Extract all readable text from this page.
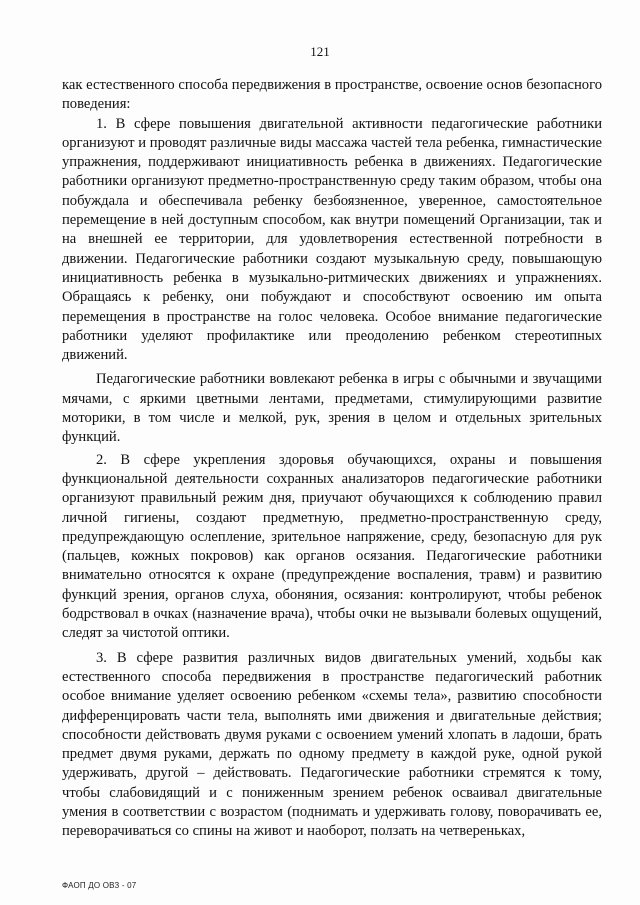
121

как естественного способа передвижения в пространстве, освоение основ безопасного поведения:

1. В сфере повышения двигательной активности педагогические работники организуют и проводят различные виды массажа частей тела ребенка, гимнастические упражнения, поддерживают инициативность ребенка в движениях. Педагогические работники организуют предметно-пространственную среду таким образом, чтобы она побуждала и обеспечивала ребенку безбоязненное, уверенное, самостоятельное перемещение в ней доступным способом, как внутри помещений Организации, так и на внешней ее территории, для удовлетворения естественной потребности в движении. Педагогические работники создают музыкальную среду, повышающую инициативность ребенка в музыкально-ритмических движениях и упражнениях. Обращаясь к ребенку, они побуждают и способствуют освоению им опыта перемещения в пространстве на голос человека. Особое внимание педагогические работники уделяют профилактике или преодолению ребенком стереотипных движений.

Педагогические работники вовлекают ребенка в игры с обычными и звучащими мячами, с яркими цветными лентами, предметами, стимулирующими развитие моторики, в том числе и мелкой, рук, зрения в целом и отдельных зрительных функций.

2. В сфере укрепления здоровья обучающихся, охраны и повышения функциональной деятельности сохранных анализаторов педагогические работники организуют правильный режим дня, приучают обучающихся к соблюдению правил личной гигиены, создают предметную, предметно-пространственную среду, предупреждающую ослепление, зрительное напряжение, среду, безопасную для рук (пальцев, кожных покровов) как органов осязания. Педагогические работники внимательно относятся к охране (предупреждение воспаления, травм) и развитию функций зрения, органов слуха, обоняния, осязания: контролируют, чтобы ребенок бодрствовал в очках (назначение врача), чтобы очки не вызывали болевых ощущений, следят за чистотой оптики.

3. В сфере развития различных видов двигательных умений, ходьбы как естественного способа передвижения в пространстве педагогический работник особое внимание уделяет освоению ребенком «схемы тела», развитию способности дифференцировать части тела, выполнять ими движения и двигательные действия; способности действовать двумя руками с освоением умений хлопать в ладоши, брать предмет двумя руками, держать по одному предмету в каждой руке, одной рукой удерживать, другой – действовать. Педагогические работники стремятся к тому, чтобы слабовидящий и с пониженным зрением ребенок осваивал двигательные умения в соответствии с возрастом (поднимать и удерживать голову, поворачивать ее, переворачиваться со спины на живот и наоборот, ползать на четвереньках,

ФАОП ДО ОВЗ - 07
